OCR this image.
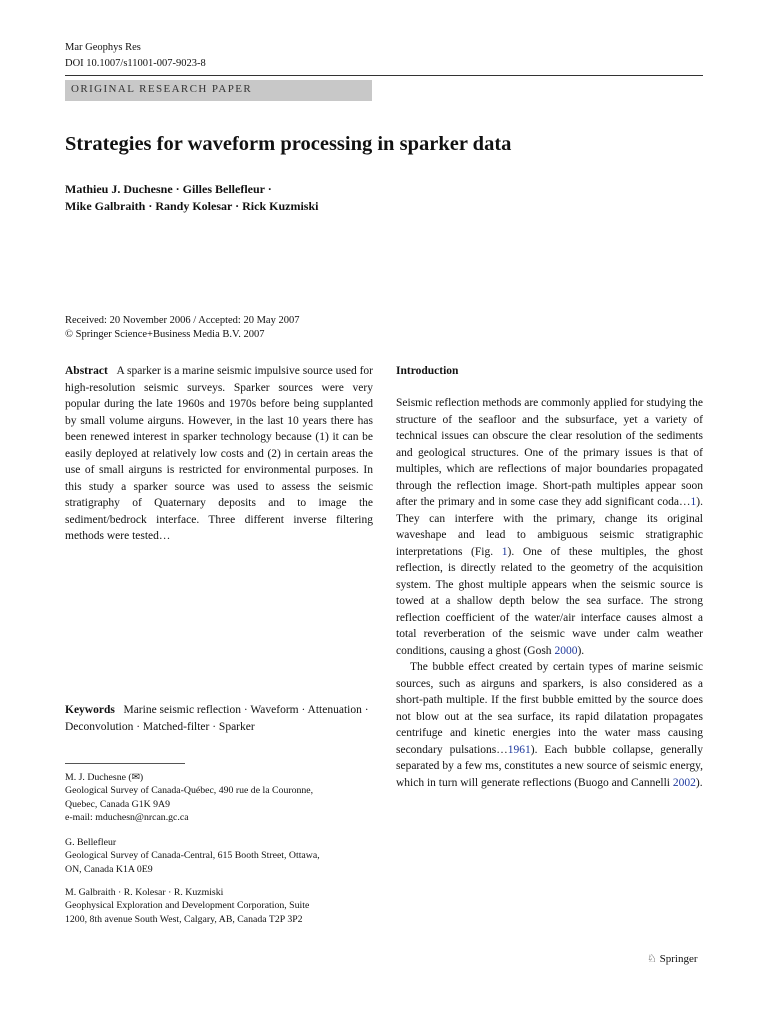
Mar Geophys Res
DOI 10.1007/s11001-007-9023-8
ORIGINAL RESEARCH PAPER
Strategies for waveform processing in sparker data
Mathieu J. Duchesne · Gilles Bellefleur ·
Mike Galbraith · Randy Kolesar · Rick Kuzmiski
Received: 20 November 2006 / Accepted: 20 May 2007
© Springer Science+Business Media B.V. 2007
Abstract A sparker is a marine seismic impulsive source used for high-resolution seismic surveys. Sparker sources were very popular during the late 1960s and 1970s before being supplanted by small volume airguns. However, in the last 10 years there has been renewed interest in sparker technology because (1) it can be easily deployed at relatively low costs and (2) in certain areas the use of small airguns is restricted for environmental purposes. In this study a sparker source was used to assess the seismic stratigraphy of Quaternary deposits and to image the sediment/bedrock interface. Three different inverse filtering methods were tested…
Keywords Marine seismic reflection · Waveform · Attenuation · Deconvolution · Matched-filter · Sparker
M. J. Duchesne (✉)
Geological Survey of Canada-Québec, 490 rue de la Couronne,
Quebec, Canada G1K 9A9
e-mail: mduchesn@nrcan.gc.ca
G. Bellefleur
Geological Survey of Canada-Central, 615 Booth Street, Ottawa,
ON, Canada K1A 0E9
M. Galbraith · R. Kolesar · R. Kuzmiski
Geophysical Exploration and Development Corporation, Suite
1200, 8th avenue South West, Calgary, AB, Canada T2P 3P2
Introduction
Seismic reflection methods are commonly applied for studying the structure of the seafloor and the subsurface, yet a variety of technical issues can obscure the clear resolution of the sediments and geological structures. One of the primary issues is that of multiples, which are reflections of major boundaries propagated through the reflection image. Short-path multiples appear soon after the primary and in some case they add significant coda…1). They can interfere with the primary, change its original waveshape and lead to ambiguous seismic stratigraphic interpretations (Fig. 1). One of these multiples, the ghost reflection, is directly related to the geometry of the acquisition system. The ghost multiple appears when the seismic source is towed at a shallow depth below the sea surface. The strong reflection coefficient of the water/air interface causes almost a total reverberation of the seismic wave under calm weather conditions, causing a ghost (Gosh 2000).
The bubble effect created by certain types of marine seismic sources, such as airguns and sparkers, is also considered as a short-path multiple. If the first bubble emitted by the source does not blow out at the sea surface, its rapid dilatation propagates centrifuge and kinetic energies into the water mass causing secondary pulsations…1961). Each bubble collapse, generally separated by a few ms, constitutes a new source of seismic energy, which in turn will generate reflections (Buogo and Cannelli 2002).
♘ Springer
